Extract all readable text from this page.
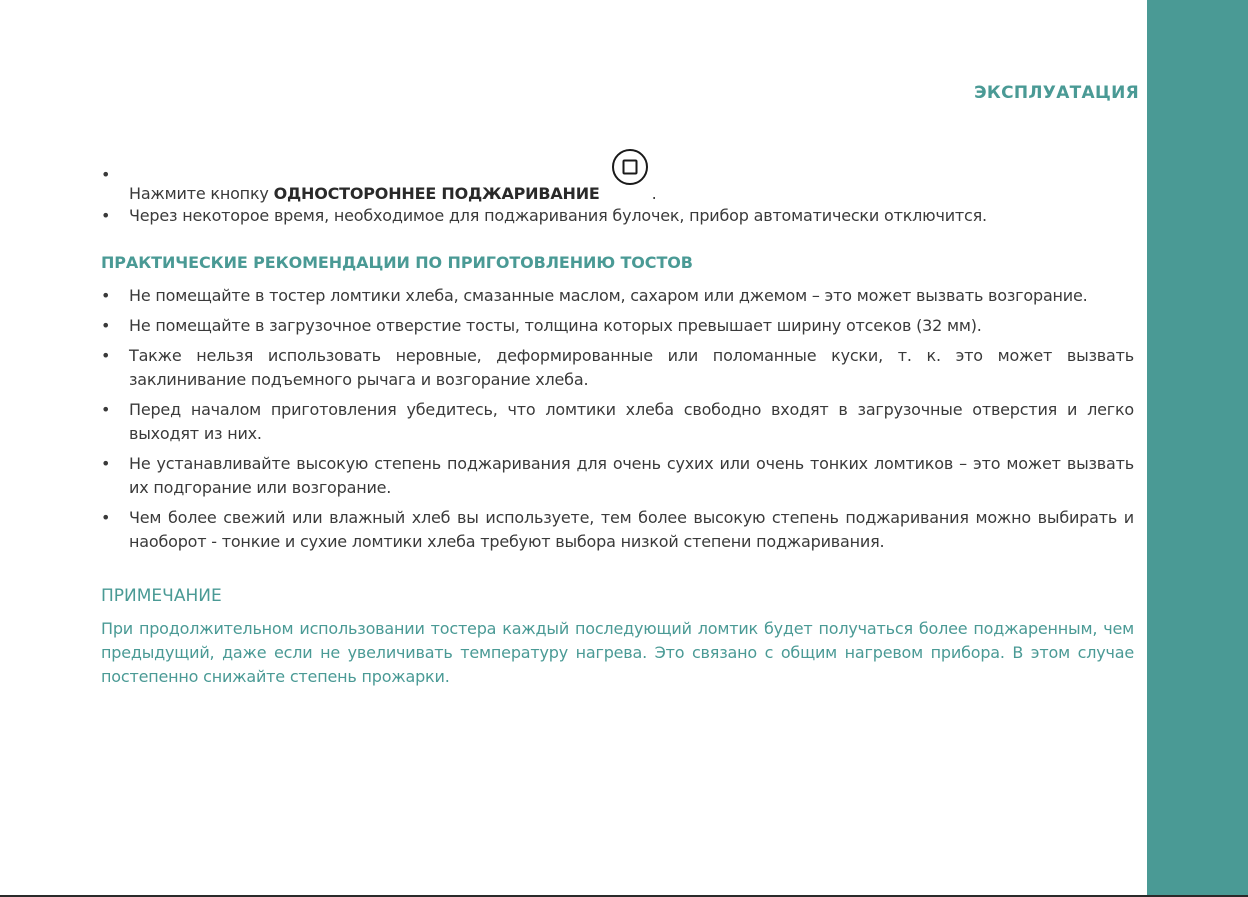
ЭКСПЛУАТАЦИЯ
•
Нажмите кнопку ОДНОСТОРОННЕЕ ПОДЖАРИВАНИЕ	.
• Через некоторое время, необходимое для поджаривания булочек, прибор автоматически отключится.
ПРАКТИЧЕСКИЕ РЕКОМЕНДАЦИИ ПО ПРИГОТОВЛЕНИЮ ТОСТОВ
• Не помещайте в тостер ломтики хлеба, смазанные маслом, сахаром или джемом – это может вызвать возгорание.
• Не помещайте в загрузочное отверстие тосты, толщина которых превышает ширину отсеков (32 мм).
• Также нельзя использовать неровные, деформированные или поломанные куски, т. к. это может вызвать заклинивание подъемного рычага и возгорание хлеба.
• Перед началом приготовления убедитесь, что ломтики хлеба свободно входят в загрузочные отверстия и легко выходят из них.
• Не устанавливайте высокую степень поджаривания для очень сухих или очень тонких ломтиков – это может вызвать их подгорание или возгорание.
• Чем более свежий или влажный хлеб вы используете, тем более высокую степень поджаривания можно выбирать и наоборот - тонкие и сухие ломтики хлеба требуют выбора низкой степени поджаривания.
ПРИМЕЧАНИЕ
При продолжительном использовании тостера каждый последующий ломтик будет получаться более поджаренным, чем предыдущий, даже если не увеличивать температуру нагрева. Это связано с общим нагревом прибора. В этом случае постепенно снижайте степень прожарки.
